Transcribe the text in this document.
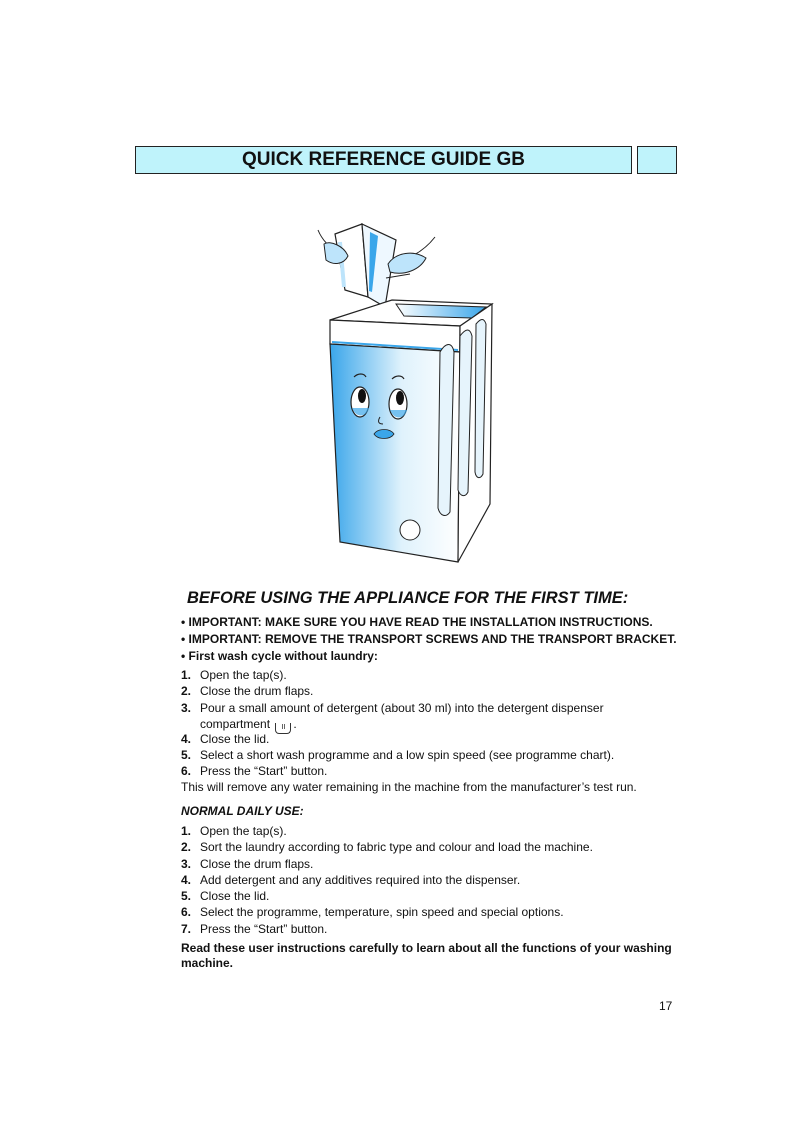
QUICK REFERENCE GUIDE GB
BEFORE USING THE APPLIANCE FOR THE FIRST TIME:
• IMPORTANT: MAKE SURE YOU HAVE READ THE INSTALLATION INSTRUCTIONS.
• IMPORTANT: REMOVE THE TRANSPORT SCREWS AND THE TRANSPORT BRACKET.
• First wash cycle without laundry:
1. Open the tap(s).
2. Close the drum flaps.
3. Pour a small amount of detergent (about 30 ml) into the detergent dispenser
compartment II .
4. Close the lid.
5. Select a short wash programme and a low spin speed (see programme chart).
6. Press the “Start” button.
This will remove any water remaining in the machine from the manufacturer’s test run.
NORMAL DAILY USE:
1. Open the tap(s).
2. Sort the laundry according to fabric type and colour and load the machine.
3. Close the drum flaps.
4. Add detergent and any additives required into the dispenser.
5. Close the lid.
6. Select the programme, temperature, spin speed and special options.
7. Press the “Start” button.
Read these user instructions carefully to learn about all the functions of your washing machine.
17
